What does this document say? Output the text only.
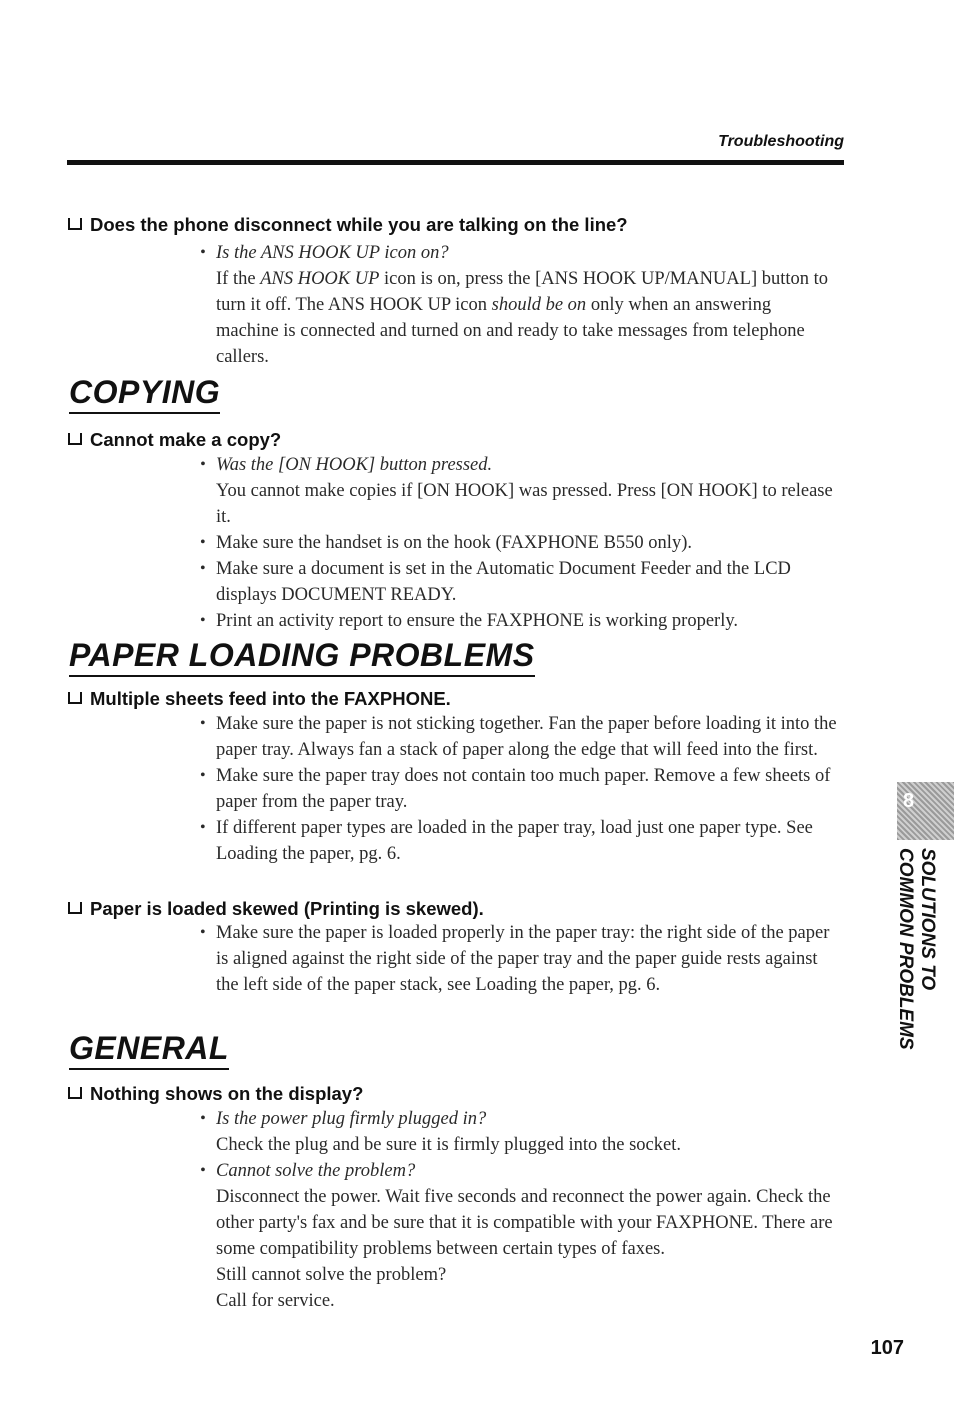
Troubleshooting
Does the phone disconnect while you are talking on the line?
• Is the ANS HOOK UP icon on?
If the ANS HOOK UP icon is on, press the [ANS HOOK UP/MANUAL] button to turn it off. The ANS HOOK UP icon should be on only when an answering machine is connected and turned on and ready to take messages from telephone callers.
COPYING
Cannot make a copy?
• Was the [ON HOOK] button pressed.
You cannot make copies if [ON HOOK] was pressed. Press [ON HOOK] to release it.
• Make sure the handset is on the hook (FAXPHONE B550 only).
• Make sure a document is set in the Automatic Document Feeder and the LCD displays DOCUMENT READY.
• Print an activity report to ensure the FAXPHONE is working properly.
PAPER LOADING PROBLEMS
Multiple sheets feed into the FAXPHONE.
• Make sure the paper is not sticking together. Fan the paper before loading it into the paper tray. Always fan a stack of paper along the edge that will feed into the first.
• Make sure the paper tray does not contain too much paper. Remove a few sheets of paper from the paper tray.
• If different paper types are loaded in the paper tray, load just one paper type. See Loading the paper, pg. 6.
Paper is loaded skewed (Printing is skewed).
• Make sure the paper is loaded properly in the paper tray: the right side of the paper is aligned against the right side of the paper tray and the paper guide rests against the left side of the paper stack, see Loading the paper, pg. 6.
GENERAL
Nothing shows on the display?
• Is the power plug firmly plugged in?
Check the plug and be sure it is firmly plugged into the socket.
• Cannot solve the problem?
Disconnect the power. Wait five seconds and reconnect the power again. Check the other party's fax and be sure that it is compatible with your FAXPHONE. There are some compatibility problems between certain types of faxes.
Still cannot solve the problem?
Call for service.
8
SOLUTIONS TO
COMMON PROBLEMS
107
